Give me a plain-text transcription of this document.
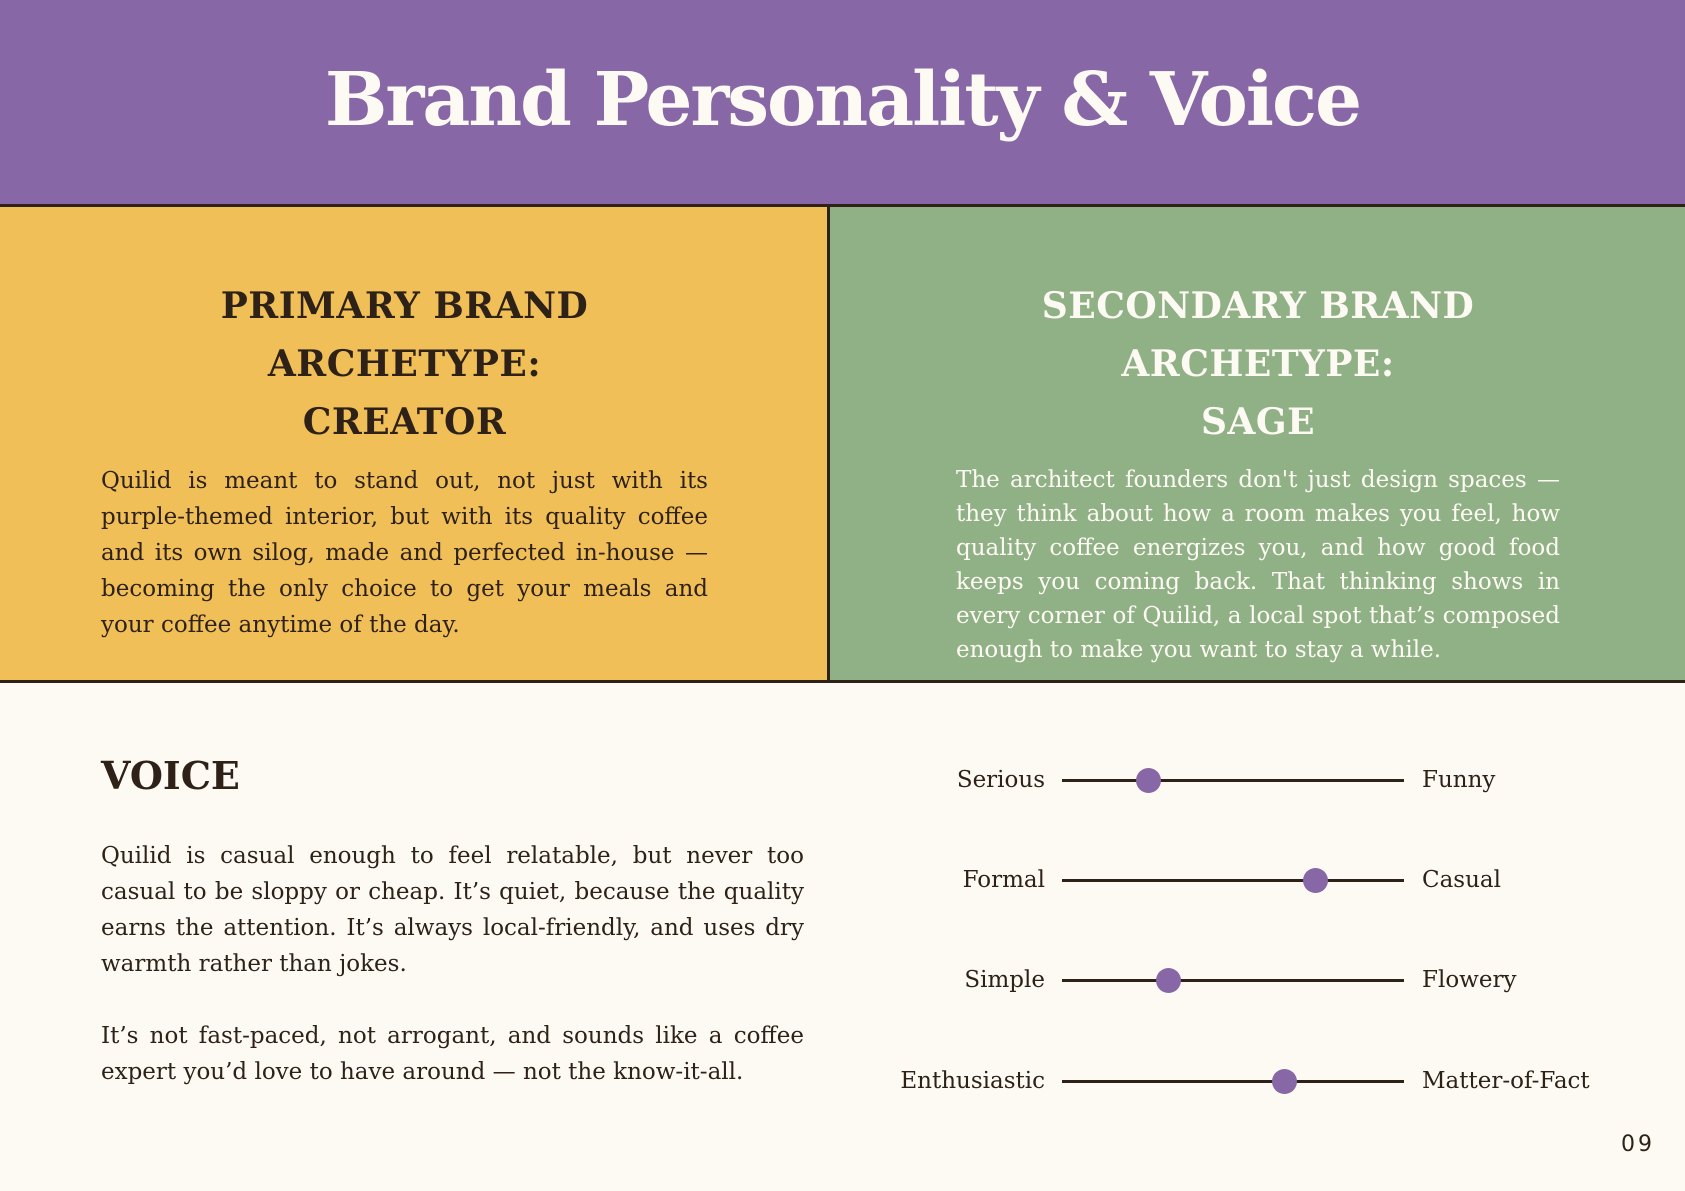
Brand Personality & Voice
PRIMARY BRAND ARCHETYPE:
CREATOR

Quilid is meant to stand out, not just with its purple-themed interior, but with its quality coffee and its own silog, made and perfected in-house — becoming the only choice to get your meals and your coffee anytime of the day.

SECONDARY BRAND ARCHETYPE:
SAGE

The architect founders don't just design spaces — they think about how a room makes you feel, how quality coffee energizes you, and how good food keeps you coming back. That thinking shows in every corner of Quilid, a local spot that’s composed enough to make you want to stay a while.

VOICE

Quilid is casual enough to feel relatable, but never too casual to be sloppy or cheap. It’s quiet, because the quality earns the attention. It’s always local-friendly, and uses dry warmth rather than jokes.

It’s not fast-paced, not arrogant, and sounds like a coffee expert you’d love to have around — not the know-it-all.

Serious	Funny
Formal	Casual
Simple	Flowery
Enthusiastic	Matter-of-Fact
09
